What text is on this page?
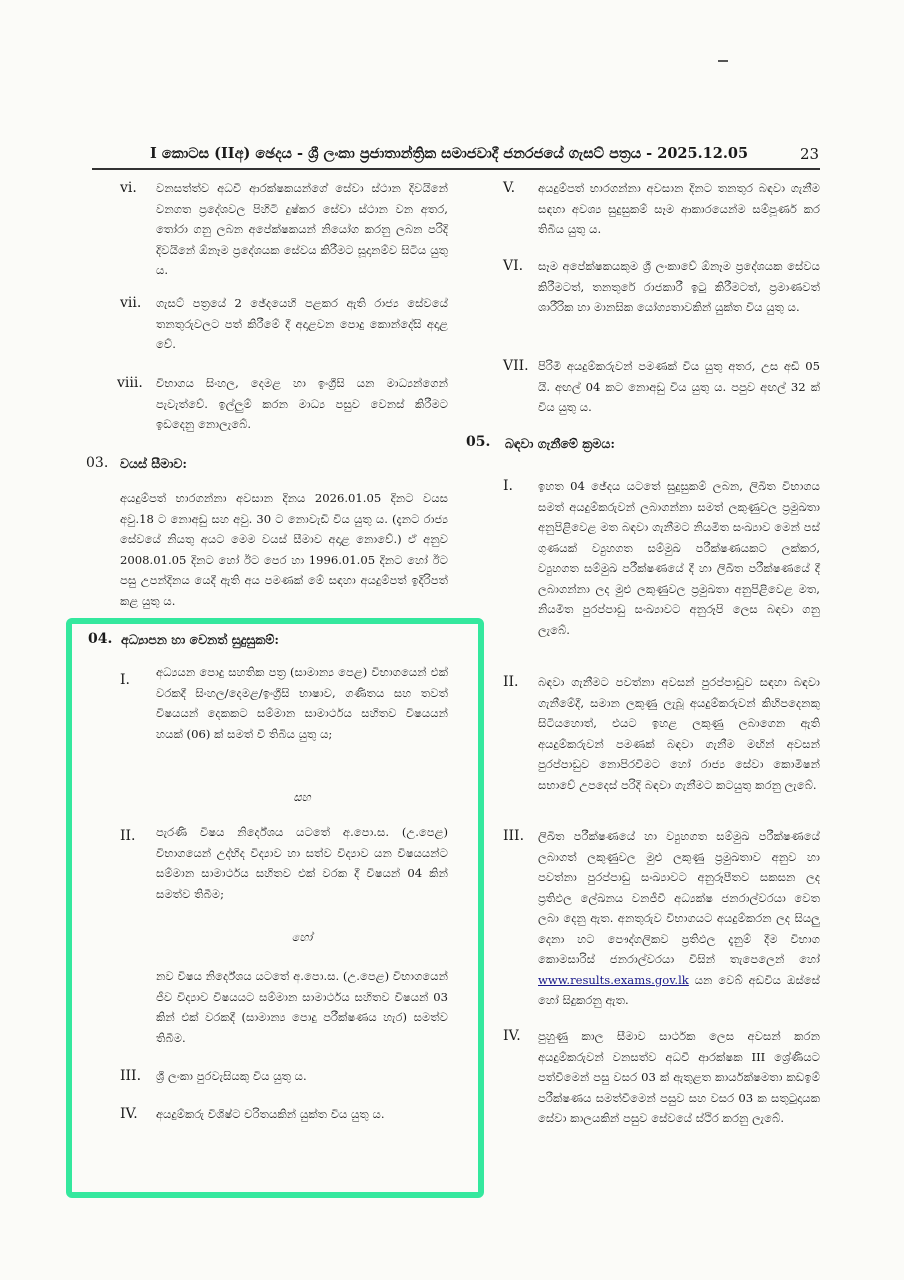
I කොටස (IIඅ) ඡෙදය - ශ්‍රී ලංකා ප්‍රජාතාන්ත්‍රික සමාජවාදී ජනරජයේ ගැසට් පත්‍රය - 2025.12.05	23
vi. වනසත්ත්ව අධවී ආරක්ෂකයන්ගේ සේවා ස්ථාන දිවයිනේ වනගත ප්‍රදේශවල පිහිටි දුෂ්කර සේවා ස්ථාන වන අතර, තෝරා ගනු ලබන අපේක්ෂකයන් නියෝග කරනු ලබන පරිදි දිවයිනේ ඕනෑම ප්‍රදේශයක සේවය කිරීමට සූදානම්ව සිටිය යුතු ය.
vii. ගැසට් පත්‍රයේ 2 ඡේදයෙහි පළකර ඇති රාජ්‍ය සේවයේ තනතුරුවලට පත් කිරීමේ දී අදාළවන පොදු කොන්දේසි අදාළ වේ.
viii. විභාගය සිංහල, දෙමළ හා ඉංග්‍රීසි යන මාධ්‍යන්ගෙන් පැවැත්වේ. ඉල්ලුම් කරන මාධ්‍ය පසුව වෙනස් කිරීමට ඉඩදෙනු නොලැබේ.
03. වයස් සීමාව:
අයදුම්පත් භාරගන්නා අවසාන දිනය 2026.01.05 දිනට වයස අවු.18 ට නොඅඩු සහ අවු. 30 ට නොවැඩි විය යුතු ය. (දැනට රාජ්‍ය සේවයේ නියතු අයට මෙම වයස් සීමාව අදාළ නොවේ.) ඒ අනුව 2008.01.05 දිනට හෝ ඊට පෙර හා 1996.01.05 දිනට හෝ ඊට පසු උපන්දිනය යෙදී ඇති අය පමණක් මේ සඳහා අයදුම්පත් ඉදිරිපත් කළ යුතු ය.
04. අධ්‍යාපන හා වෙනත් සුදුසුකම්:
I. අධ්‍යයන පොදු සහතික පත්‍ර (සාමාන්‍ය පෙළ) විභාගයෙන් එක් වරකදී සිංහල/දෙමළ/ඉංග්‍රීසි භාෂාව, ගණිතය සහ තවත් විෂයයන් දෙකකට සම්මාන සාමාර්ථය සහිතව විෂයයන් හයක් (06) ක් සමත් වී තිබිය යුතු ය;
සහ
II. පැරණි විෂය නිර්දේශය යටතේ අ.පො.ස. (උ.පෙළ) විභාගයෙන් උද්භිද විද්‍යාව හා සත්ව විද්‍යාව යන විෂයයන්ට සම්මාන සාමාර්ථය සහිතව එක් වරක දී විෂයන් 04 කින් සමත්ව තිබීම;
හෝ
නව විෂය නිර්දේශය යටතේ අ.පො.ස. (උ.පෙළ) විභාගයෙන් ජීව විද්‍යාව විෂයයට සම්මාන සාමාර්ථය සහිතව විෂයන් 03 කින් එක් වරකදී (සාමාන්‍ය පොදු පරීක්ෂණය හැර) සමත්ව තිබීම.
III. ශ්‍රී ලංකා පුරවැසියකු විය යුතු ය.
IV. අයදුම්කරු විශිෂ්ට චරිතයකින් යුක්ත විය යුතු ය.
V. අයදුම්පත් භාරගන්නා අවසාන දිනට තනතුර බඳවා ගැනීම සඳහා අවශ්‍ය සුදුසුකම් සෑම ආකාරයෙන්ම සම්පූර්ණ කර තිබිය යුතු ය.
VI. සෑම අපේක්ෂකයකුම ශ්‍රී ලංකාවේ ඕනෑම ප්‍රදේශයක සේවය කිරීමටත්, තනතුරේ රාජකාරී ඉටු කිරීමටත්, ප්‍රමාණවත් ශාරීරික හා මානසික යෝග්‍යතාවකින් යුක්ත විය යුතු ය.
VII. පිරිමි අයදුම්කරුවන් පමණක් විය යුතු අතර, උස අඩි 05 යි. අඟල් 04 කට නොඅඩු විය යුතු ය. පපුව අඟල් 32 ක් විය යුතු ය.
05. බඳවා ගැනීමේ ක්‍රමය:
I. ඉහත 04 ඡේදය යටතේ සුදුසුකම් ලබන, ලිඛිත විභාගය සමත් අයදුම්කරුවන් ලබාගන්නා සමත් ලකුණුවල ප්‍රමුඛතා අනුපිළිවෙළ මත බඳවා ගැනීමට නියමිත සංඛ්‍යාව මෙන් පස් ගුණයක් ව්‍යුහගත සම්මුඛ පරීක්ෂණයකට ලක්කර, ව්‍යුහගත සම්මුඛ පරීක්ෂණයේ දී හා ලිඛිත පරීක්ෂණයේ දී ලබාගන්නා ලද මුළු ලකුණුවල ප්‍රමුඛතා අනුපිළිවෙළ මත, නියමිත පුරප්පාඩු සංඛ්‍යාවට අනුරූපි ලෙස බඳවා ගනු ලැබේ.
II. බඳවා ගැනීමට පවත්නා අවසන් පුරප්පාඩුව සඳහා බඳවා ගැනීමේදී, සමාන ලකුණු ලැබූ අයදුම්කරුවන් කිහිපදෙනකු සිටියහොත්, එයට ඉහළ ලකුණු ලබාගෙන ඇති අයදුම්කරුවන් පමණක් බඳවා ගැනීම මඟින් අවසන් පුරප්පාඩුව නොපිරවීමට හෝ රාජ්‍ය සේවා කොමිෂන් සභාවේ උපදෙස් පරිදි බඳවා ගැනීමට කටයුතු කරනු ලැබේ.
III. ලිඛිත පරීක්ෂණයේ හා ව්‍යුහගත සම්මුඛ පරීක්ෂණයේ ලබාගත් ලකුණුවල මුළු ලකුණු ප්‍රමුඛතාව අනුව හා පවත්නා පුරප්පාඩු සංඛ්‍යාවට අනුරූපීතව සකසන ලද ප්‍රතිඵල ලේඛනය වනජීවී අධ්‍යක්ෂ ජනරාල්වරයා වෙත ලබා දෙනු ඇත. අනතුරුව විභාගයට අයදුම්කරන ලද සියලු දෙනා හට පෞද්ගලිකව ප්‍රතිඵල දැනුම් දීම විභාග කොමසාරිස් ජනරාල්වරයා විසින් තැපෙලෙන් හෝ www.results.exams.gov.lk යන වෙබ් අඩවිය ඔස්සේ හෝ සිදුකරනු ඇත.
IV. පුහුණු කාල සීමාව සාර්ථක ලෙස අවසන් කරන අයදුම්කරුවන් වනසත්ව අධවී ආරක්ෂක III ශ්‍රේණියට පත්වීමෙන් පසු වසර 03 ක් ඇතුළත කාර්යක්ෂමතා කඩඉම් පරීක්ෂණය සමත්වීමෙන් පසුව සහ වසර 03 ක සතුටුදායක සේවා කාලයකින් පසුව සේවයේ ස්ථිර කරනු ලැබේ.
